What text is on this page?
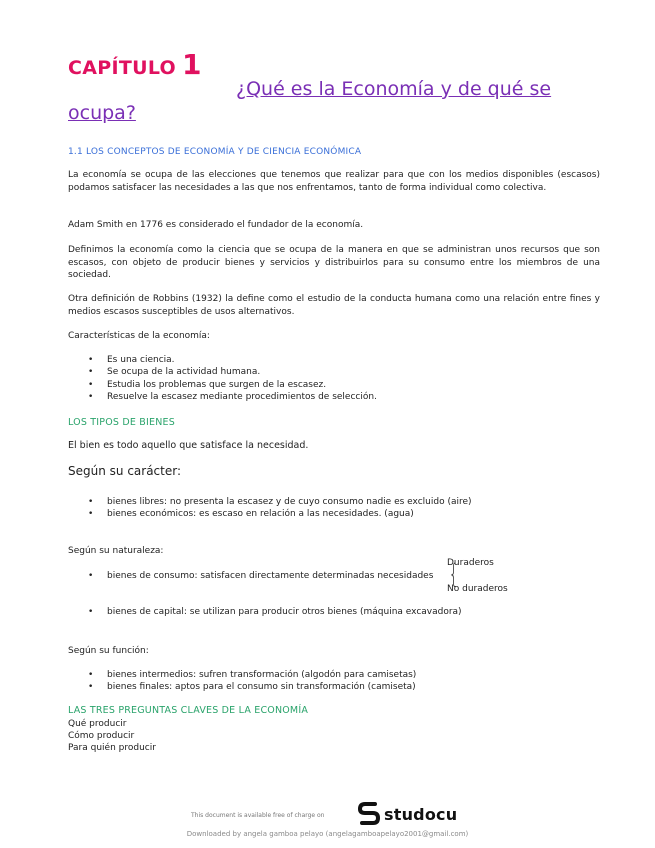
CAPÍTULO 1
¿Qué es la Economía y de qué se
ocupa?
1.1 LOS CONCEPTOS DE ECONOMÍA Y DE CIENCIA ECONÓMICA
La economía se ocupa de las elecciones que tenemos que realizar para que con los medios disponibles (escasos) podamos satisfacer las necesidades a las que nos enfrentamos, tanto de forma individual como colectiva.
Adam Smith en 1776 es considerado el fundador de la economía.
Definimos la economía como la ciencia que se ocupa de la manera en que se administran unos recursos que son escasos, con objeto de producir bienes y servicios y distribuirlos para su consumo entre los miembros de una sociedad.
Otra definición de Robbins (1932) la define como el estudio de la conducta humana como una relación entre fines y medios escasos susceptibles de usos alternativos.
Características de la economía:
• Es una ciencia.
• Se ocupa de la actividad humana.
• Estudia los problemas que surgen de la escasez.
• Resuelve la escasez mediante procedimientos de selección.
LOS TIPOS DE BIENES
El bien es todo aquello que satisface la necesidad.
Según su carácter:
• bienes libres: no presenta la escasez y de cuyo consumo nadie es excluido (aire)
• bienes económicos: es escaso en relación a las necesidades. (agua)
Según su naturaleza:
Duraderos
• bienes de consumo: satisfacen directamente determinadas necesidades {
No duraderos
• bienes de capital: se utilizan para producir otros bienes (máquina excavadora)
Según su función:
• bienes intermedios: sufren transformación (algodón para camisetas)
• bienes finales: aptos para el consumo sin transformación (camiseta)
LAS TRES PREGUNTAS CLAVES DE LA ECONOMÍA
Qué producir
Cómo producir
Para quién producir
This document is available free of charge on	studocu
Downloaded by angela gamboa pelayo (angelagamboapelayo2001@gmail.com)
